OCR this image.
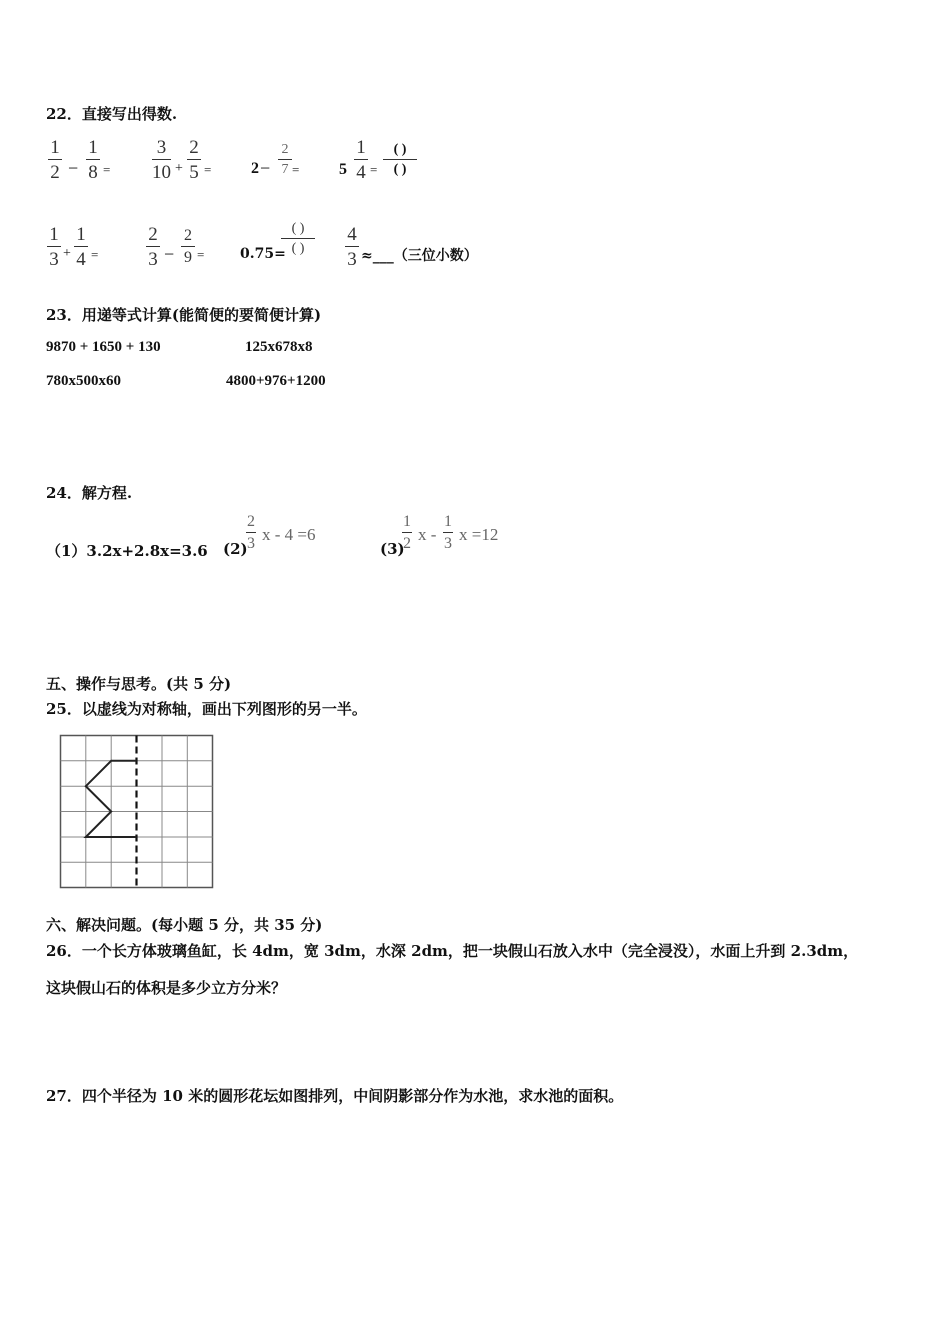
22．直接写出得数.
1
2 −
1
8 =
3
10 +
2
5 = 2 −
2
7 = 5
1
4 =
( )
( )
1
3 +
1
4 =
2
3 −
2
9 =	0.75=
( )
( )
4
3 ≈___（三位小数）
23．用递等式计算(能简便的要简便计算)
9870 + 1650 + 130	125x678x8
780x500x60	4800+976+1200
24．解方程.
（1）3.2x+2.8x=3.6 (2)
2
3 x - 4 =6
(3)
1
2 x -
1
3 x =12
五、操作与思考。(共 5 分)
25．以虚线为对称轴，画出下列图形的另一半。
六、解决问题。(每小题 5 分，共 35 分)
26．一个长方体玻璃鱼缸，长 4dm，宽 3dm，水深 2dm，把一块假山石放入水中（完全浸没），水面上升到 2.3dm，
这块假山石的体积是多少立方分米？
27．四个半径为 10 米的圆形花坛如图排列，中间阴影部分作为水池，求水池的面积。
